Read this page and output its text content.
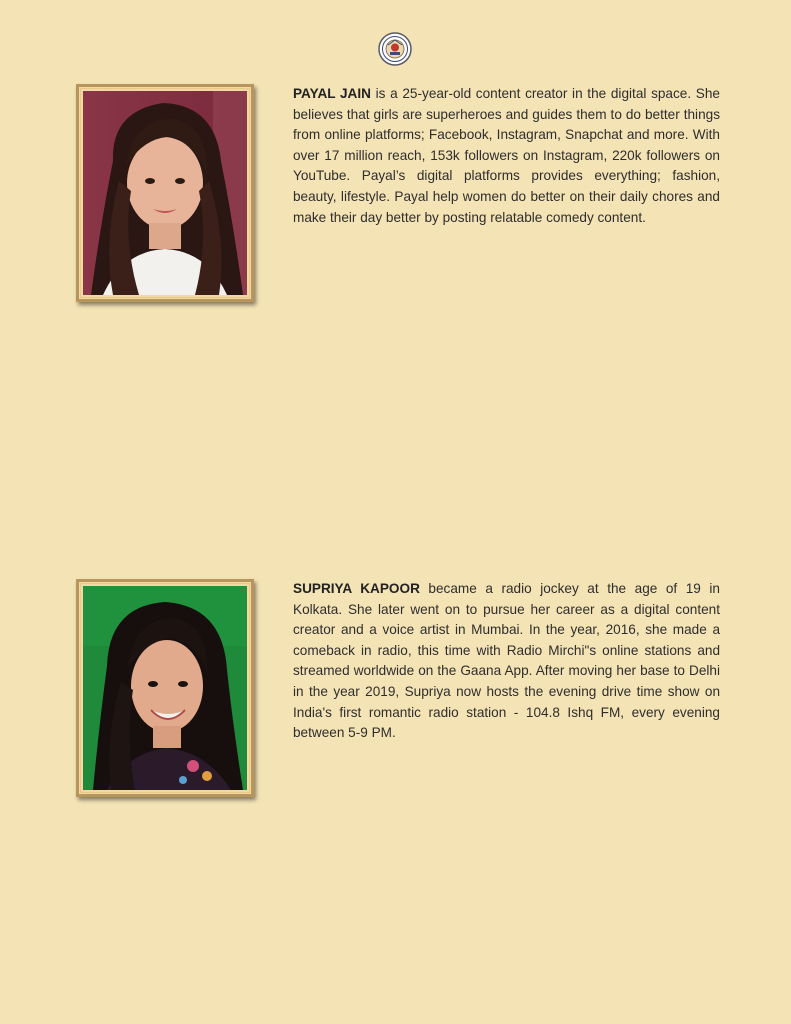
PAYAL JAIN is a 25-year-old content creator in the digital space. She believes that girls are superheroes and guides them to do better things from online platforms; Facebook, Instagram, Snapchat and more. With over 17 million reach, 153k followers on Instagram, 220k followers on YouTube. Payal’s digital platforms provides everything; fashion, beauty, lifestyle. Payal help women do better on their daily chores and make their day better by posting relatable comedy content.

SUPRIYA KAPOOR became a radio jockey at the age of 19 in Kolkata. She later went on to pursue her career as a digital content creator and a voice artist in Mumbai. In the year, 2016, she made a comeback in radio, this time with Radio Mirchi"s online stations and streamed worldwide on the Gaana App. After moving her base to Delhi in the year 2019, Supriya now hosts the evening drive time show on India's first romantic radio station - 104.8 Ishq FM, every evening between 5-9 PM.
